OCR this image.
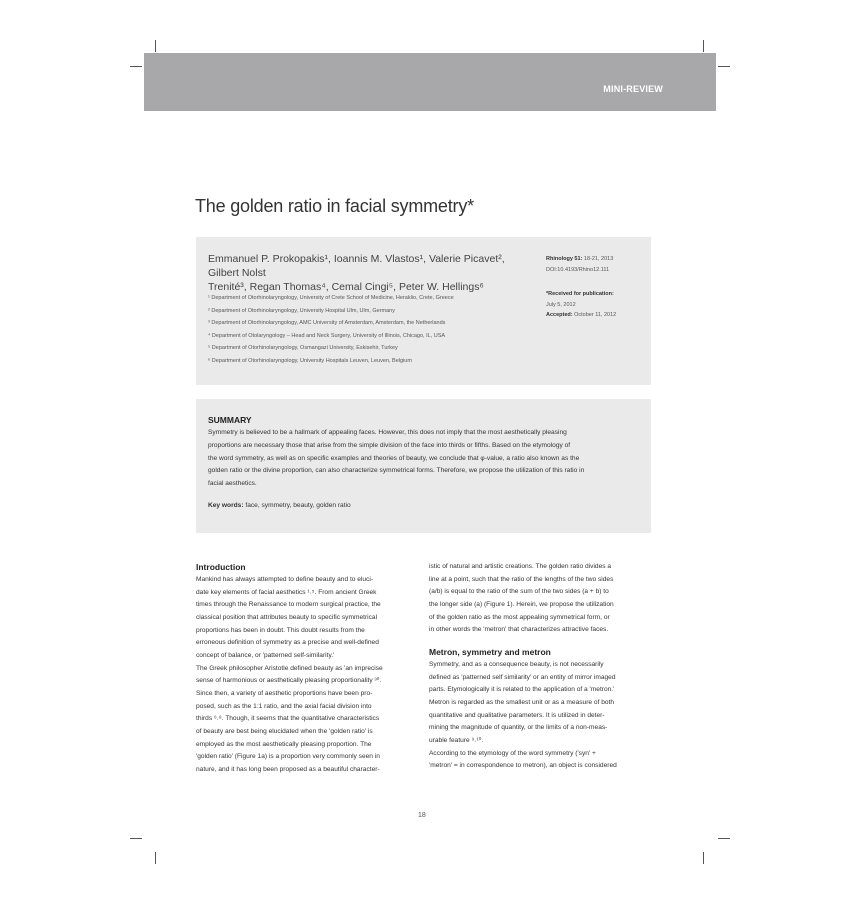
MINI-REVIEW
The golden ratio in facial symmetry*
Emmanuel P. Prokopakis¹, Ioannis M. Vlastos¹, Valerie Picavet², Gilbert Nolst
Trenité³, Regan Thomas⁴, Cemal Cingi⁵, Peter W. Hellings⁶
¹ Department of Otorhinolaryngology, University of Crete School of Medicine, Heraklio, Crete, Greece
² Department of Otorhinolaryngology, University Hospital Ulm, Ulm, Germany
³ Department of Otorhinolaryngology, AMC University of Amsterdam, Amsterdam, the Netherlands
⁴ Department of Otolaryngology – Head and Neck Surgery, University of Illinois, Chicago, IL, USA
⁵ Department of Otorhinolaryngology, Osmangazi University, Eskisehir, Turkey
⁶ Department of Otorhinolaryngology, University Hospitals Leuven, Leuven, Belgium
Rhinology 51: 18-21, 2013
DOI:10.4193/Rhino12.111
*Received for publication:
July 5, 2012
Accepted: October 11, 2012
SUMMARY
Symmetry is believed to be a hallmark of appealing faces. However, this does not imply that the most aesthetically pleasing
proportions are necessary those that arise from the simple division of the face into thirds or fifths. Based on the etymology of
the word symmetry, as well as on specific examples and theories of beauty, we conclude that φ-value, a ratio also known as the
golden ratio or the divine proportion, can also characterize symmetrical forms. Therefore, we propose the utilization of this ratio in
facial aesthetics.
Key words: face, symmetry, beauty, golden ratio
Introduction
Mankind has always attempted to define beauty and to eluci-
date key elements of facial aesthetics ¹˒⁵. From ancient Greek
times through the Renaissance to modern surgical practice, the
classical position that attributes beauty to specific symmetrical
proportions has been in doubt. This doubt results from the
erroneous definition of symmetry as a precise and well-defined
concept of balance, or 'patterned self-similarity.'
The Greek philosopher Aristotle defined beauty as 'an imprecise
sense of harmonious or aesthetically pleasing proportionality ³⁰.
Since then, a variety of aesthetic proportions have been pro-
posed, such as the 1:1 ratio, and the axial facial division into
thirds ⁶˒⁸. Though, it seems that the quantitative characteristics
of beauty are best being elucidated when the 'golden ratio' is
employed as the most aesthetically pleasing proportion. The
'golden ratio' (Figure 1a) is a proportion very commonly seen in
nature, and it has long been proposed as a beautiful character-
istic of natural and artistic creations. The golden ratio divides a
line at a point, such that the ratio of the lengths of the two sides
(a/b) is equal to the ratio of the sum of the two sides (a + b) to
the longer side (a) (Figure 1). Herein, we propose the utilization
of the golden ratio as the most appealing symmetrical form, or
in other words the 'metron' that characterizes attractive faces.
Metron, symmetry and metron
Symmetry, and as a consequence beauty, is not necessarily
defined as 'patterned self similarity' or an entity of mirror imaged
parts. Etymologically it is related to the application of a 'metron.'
Metron is regarded as the smallest unit or as a measure of both
quantitative and qualitative parameters. It is utilized in deter-
mining the magnitude of quantity, or the limits of a non-meas-
urable feature ⁹˒¹⁰.
According to the etymology of the word symmetry ('syn' +
'metron' = in correspondence to metron), an object is considered
18
